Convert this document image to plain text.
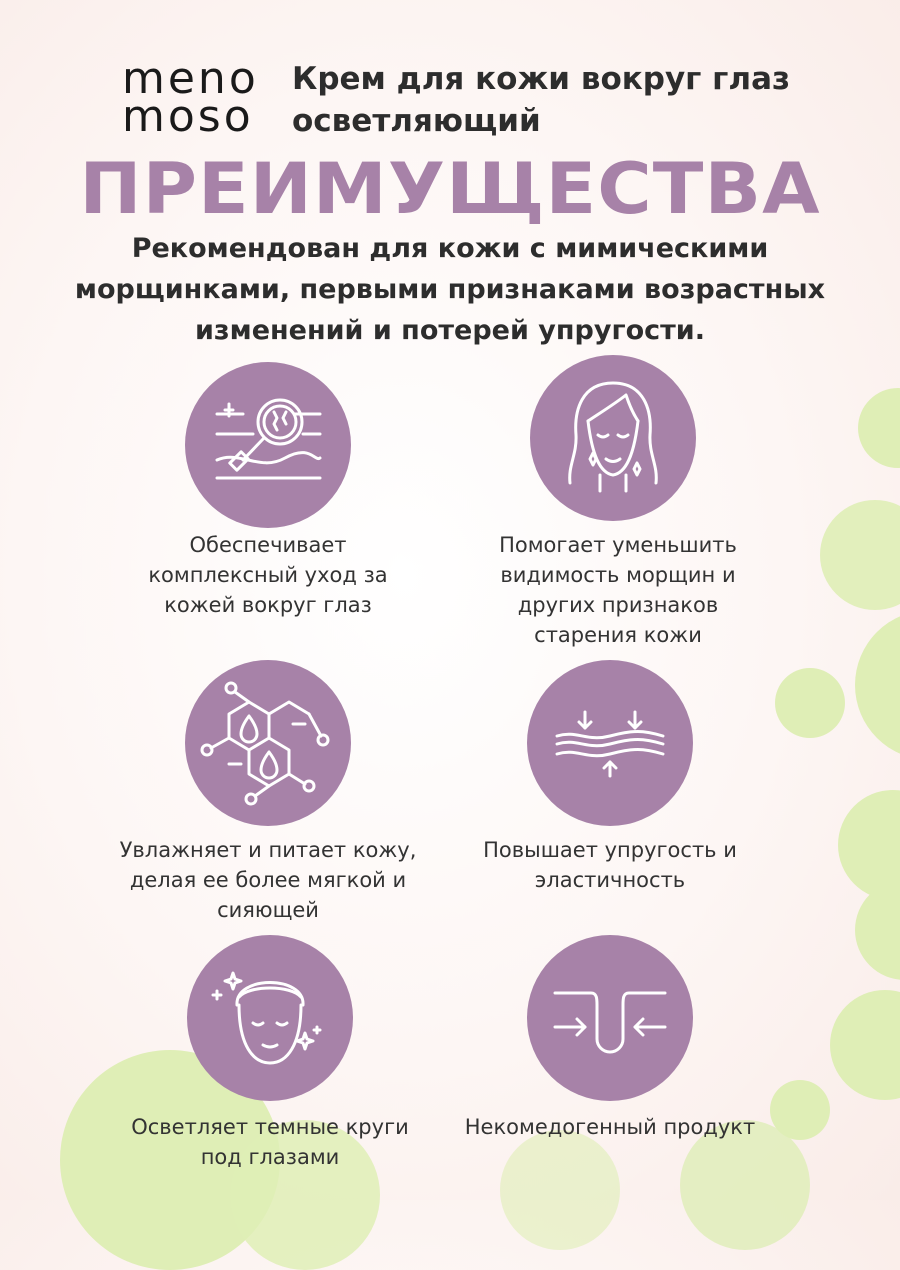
meno
moso
Крем для кожи вокруг глаз осветляющий
ПРЕИМУЩЕСТВА
Рекомендован для кожи с мимическими морщинками, первыми признаками возрастных изменений и потерей упругости.
Обеспечивает комплексный уход за кожей вокруг глаз
Помогает уменьшить видимость морщин и других признаков старения кожи
Увлажняет и питает кожу, делая ее более мягкой и сияющей
Повышает упругость и эластичность
Осветляет темные круги под глазами
Некомедогенный продукт
